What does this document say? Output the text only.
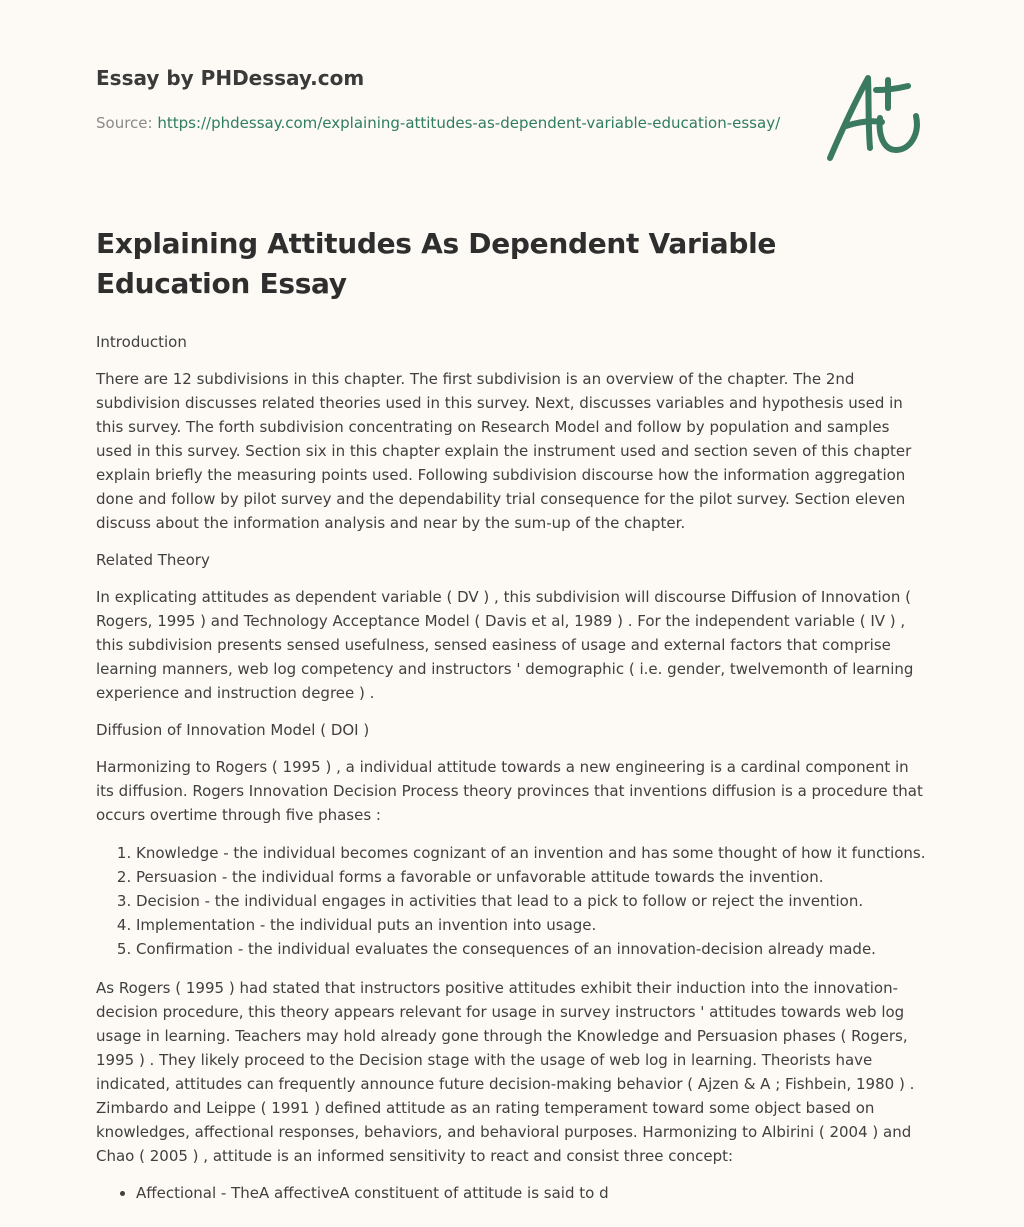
Essay by PHDessay.com

Source: https://phdessay.com/explaining-attitudes-as-dependent-variable-education-essay/
Explaining Attitudes As Dependent Variable Education Essay

Introduction

There are 12 subdivisions in this chapter. The first subdivision is an overview of the chapter. The 2nd subdivision discusses related theories used in this survey. Next, discusses variables and hypothesis used in this survey. The forth subdivision concentrating on Research Model and follow by population and samples used in this survey. Section six in this chapter explain the instrument used and section seven of this chapter explain briefly the measuring points used. Following subdivision discourse how the information aggregation done and follow by pilot survey and the dependability trial consequence for the pilot survey. Section eleven discuss about the information analysis and near by the sum-up of the chapter.

Related Theory

In explicating attitudes as dependent variable ( DV ) , this subdivision will discourse Diffusion of Innovation ( Rogers, 1995 ) and Technology Acceptance Model ( Davis et al, 1989 ) . For the independent variable ( IV ) , this subdivision presents sensed usefulness, sensed easiness of usage and external factors that comprise learning manners, web log competency and instructors ' demographic ( i.e. gender, twelvemonth of learning experience and instruction degree ) .

Diffusion of Innovation Model ( DOI )

Harmonizing to Rogers ( 1995 ) , a individual attitude towards a new engineering is a cardinal component in its diffusion. Rogers Innovation Decision Process theory provinces that inventions diffusion is a procedure that occurs overtime through five phases :

1. Knowledge - the individual becomes cognizant of an invention and has some thought of how it functions.
2. Persuasion - the individual forms a favorable or unfavorable attitude towards the invention.
3. Decision - the individual engages in activities that lead to a pick to follow or reject the invention.
4. Implementation - the individual puts an invention into usage.
5. Confirmation - the individual evaluates the consequences of an innovation-decision already made.

As Rogers ( 1995 ) had stated that instructors positive attitudes exhibit their induction into the innovation-decision procedure, this theory appears relevant for usage in survey instructors ' attitudes towards web log usage in learning. Teachers may hold already gone through the Knowledge and Persuasion phases ( Rogers, 1995 ) . They likely proceed to the Decision stage with the usage of web log in learning. Theorists have indicated, attitudes can frequently announce future decision-making behavior ( Ajzen & A ; Fishbein, 1980 ) . Zimbardo and Leippe ( 1991 ) defined attitude as an rating temperament toward some object based on knowledges, affectional responses, behaviors, and behavioral purposes. Harmonizing to Albirini ( 2004 ) and Chao ( 2005 ) , attitude is an informed sensitivity to react and consist three concept:

• Affectional - TheA affectiveA constituent of attitude is said to d
